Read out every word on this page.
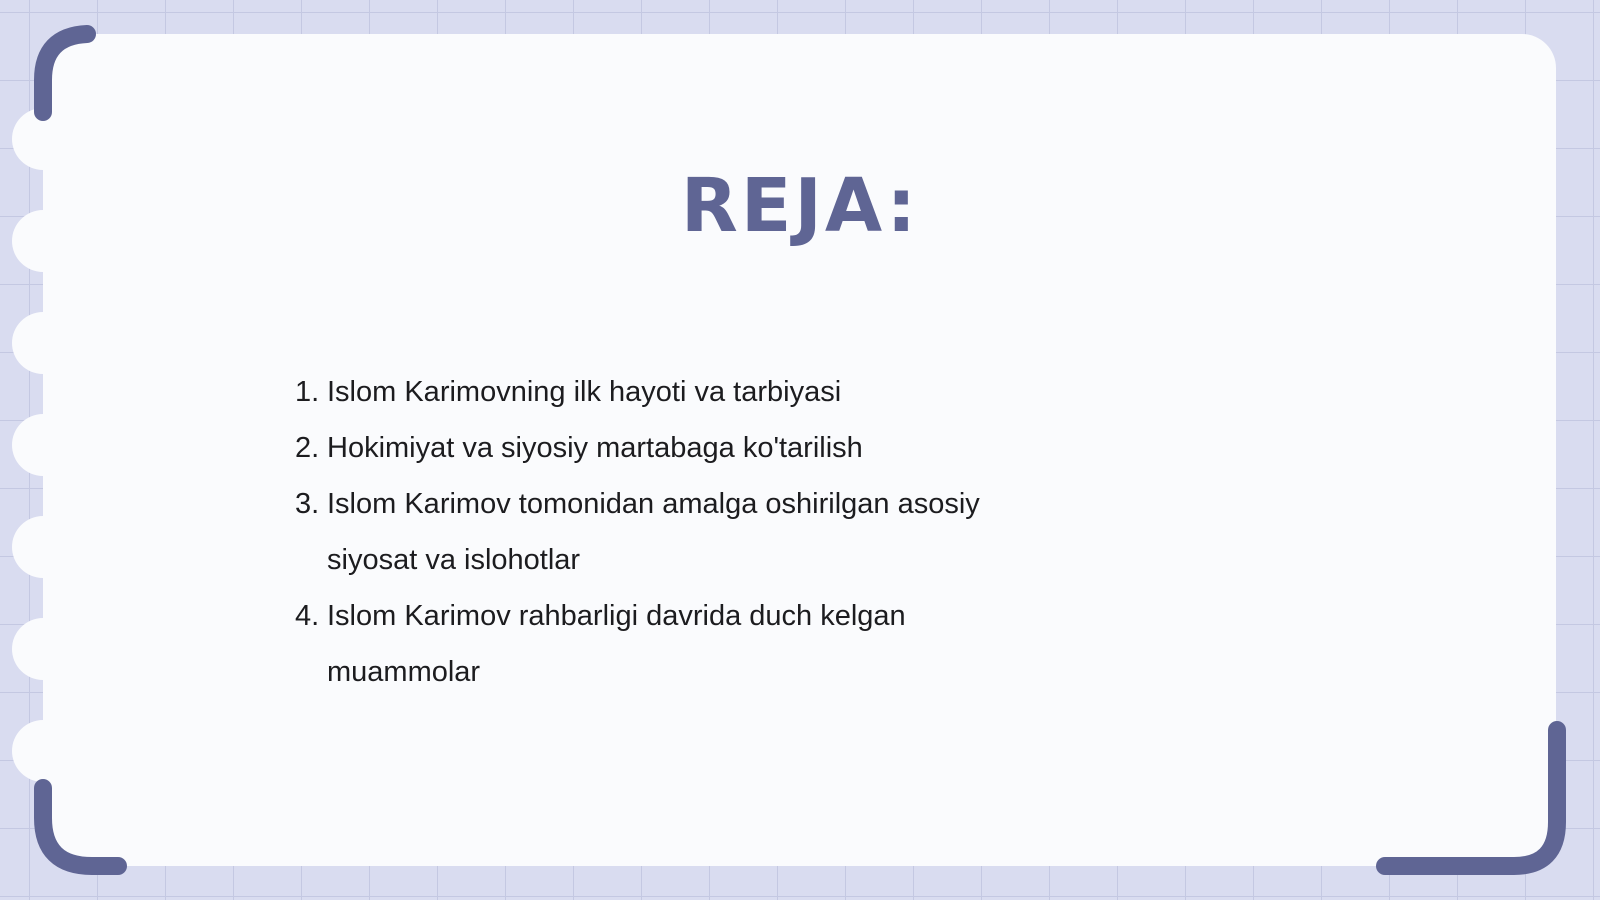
REJA:
1. Islom Karimovning ilk hayoti va tarbiyasi
2. Hokimiyat va siyosiy martabaga ko'tarilish
3. Islom Karimov tomonidan amalga oshirilgan asosiy siyosat va islohotlar
4. Islom Karimov rahbarligi davrida duch kelgan muammolar
